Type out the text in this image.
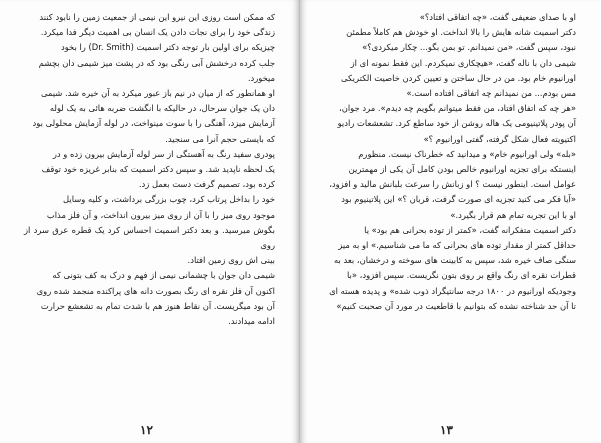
که ممکن است روزی این نیرو این نیمی از جمعیت زمین را نابود کنند

زندگی خود را برای نجات دادن یک انسان بی اهمیت دیگر فدا میکرد.

چیزیکه برای اولین بار توجه دکتر اسمیت (Dr. Smith) را بخود

جلب کرده درخشش آبی رنگی بود که در پشت میز شیمی دان بچشم

میخورد.

او همانطور که از میان در نیم باز عبور میکرد به آن خیره شد. شیمی

دان یک جوان سرحال، در حالیکه با انگشت ضربه هائی به یک لوله

آزمایش میزد، آهنگی را با سوت مینواخت، در لوله آزمایش محلولی بود

که بایستی حجم آنرا می سنجید.

پودری سفید رنگ به آهستگی از سر لوله آزمایش بیرون زده و در

یک لحظه ناپدید شد. و سپس دکتر اسمیت که بنابر غریزه خود توقف

کرده بود، تصمیم گرفت دست بعمل زد.

خود را بداخل پرتاب کرد، چوب بزرگی برداشت، و کلیه وسایل

موجود روی میز را با آن از روی میز بیرون انداخت، و آن فلز مذاب

بگوش میرسید. و بعد دکتر اسمیت احساس کرد یک قطره عرق سرد از روی

بینی اش روی زمین افتاد.

شیمی دان جوان با چشمانی نیمی از فهم و درک به کف بتونی که

اکنون آن فلز نقره ای رنگ بصورت دانه های پراکنده منجمد شده روی

آن بود میگریست. آن نقاط هنوز هم با شدت تمام به تشعشع حرارت

ادامه میدادند.

۱۲

او با صدای ضعیفی گفت، «چه اتفاقی افتاد؟»

دکتر اسمیت شانه هایش را بالا انداخت. او خودش هم کاملاً مطمئن

نبود، سپس گفت، «من نمیدانم. تو بمن بگو... چکار میکردی؟»

شیمی دان با ناله گفت، «هیچکاری نمیکردم. این فقط نمونه ای از

اورانیوم خام بود. من در حال ساختن و تعیین کردن خاصیت الکتریکی

مس بودم... من نمیدانم چه اتفاقی افتاده است.»

«هر چه که اتفاق افتاد، من فقط میتوانم بگویم چه دیدم». مرد جوان،

آن پودر پلاتینیومی یک هاله روشن از خود ساطع کرد. تشعشعات رادیو

اکتیویته فعال شکل گرفته، گفتی اورانیوم ؟»

«بله» ولی اورانیوم خام» و میدانید که خطرناک نیست. منظورم

اینستکه برای تجزیه اورانیوم خالص بودن کامل آن یکی از مهمترین

عوامل است. اینطور نیست ؟ او زبانش را سرعت بلبانش مالید و افزود،

«آیا فکر می کنید تجزیه ای صورت گرفت، قربان ؟» این پلاتینیوم بود

او با این تجربه تمام هم قرار بگیرد.»

دکتر اسمیت متفکرانه گفت، «کمتر از توده بحرانی هم بود» یا

حداقل کمتر از مقدار توده های بحرانی که ما می شناسیم.» او به میز

سنگی صاف خیره شد، سپس به کابینت های سوخته و درخشان، بعد به

قطرات نقره ای رنگ واقع بر روی بتون نگریست. سپس افزود، «با

وجودیکه اورانیوم در ۱۸۰۰ درجه سانتیگراد ذوب شده» و پدیده هسته ای

تا آن حد شناخته نشده که بتوانیم با قاطعیت در مورد آن صحبت کنیم»

۱۳
